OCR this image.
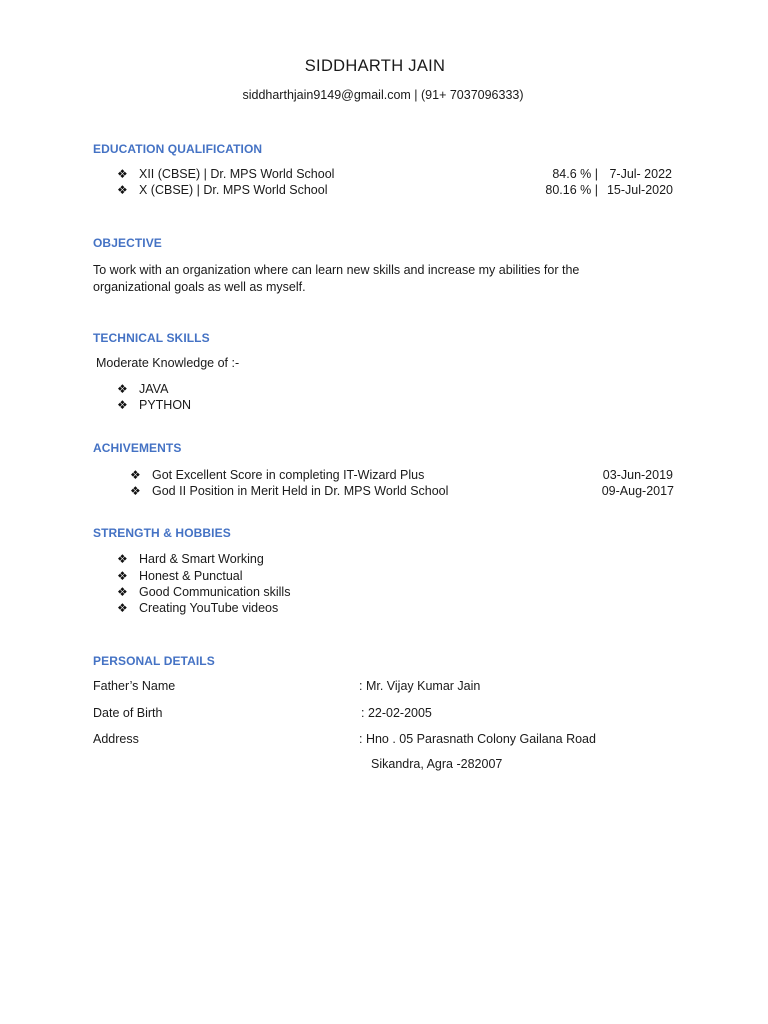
SIDDHARTH JAIN
siddharthjain9149@gmail.com | (91+ 7037096333)
EDUCATION QUALIFICATION
❖ XII (CBSE) | Dr. MPS World School	84.6 % | 7-Jul- 2022
❖ X (CBSE) | Dr. MPS World School	80.16 % | 15-Jul-2020
OBJECTIVE
To work with an organization where can learn new skills and increase my abilities for the organizational goals as well as myself.
TECHNICAL SKILLS
Moderate Knowledge of :-
❖ JAVA
❖ PYTHON
ACHIVEMENTS
❖ Got Excellent Score in completing IT-Wizard Plus	03-Jun-2019
❖ God II Position in Merit Held in Dr. MPS World School	09-Aug-2017
STRENGTH & HOBBIES
❖ Hard & Smart Working
❖ Honest & Punctual
❖ Good Communication skills
❖ Creating YouTube videos
PERSONAL DETAILS
Father’s Name	: Mr. Vijay Kumar Jain
Date of Birth	: 22-02-2005
Address	: Hno . 05 Parasnath Colony Gailana Road
Sikandra, Agra -282007
